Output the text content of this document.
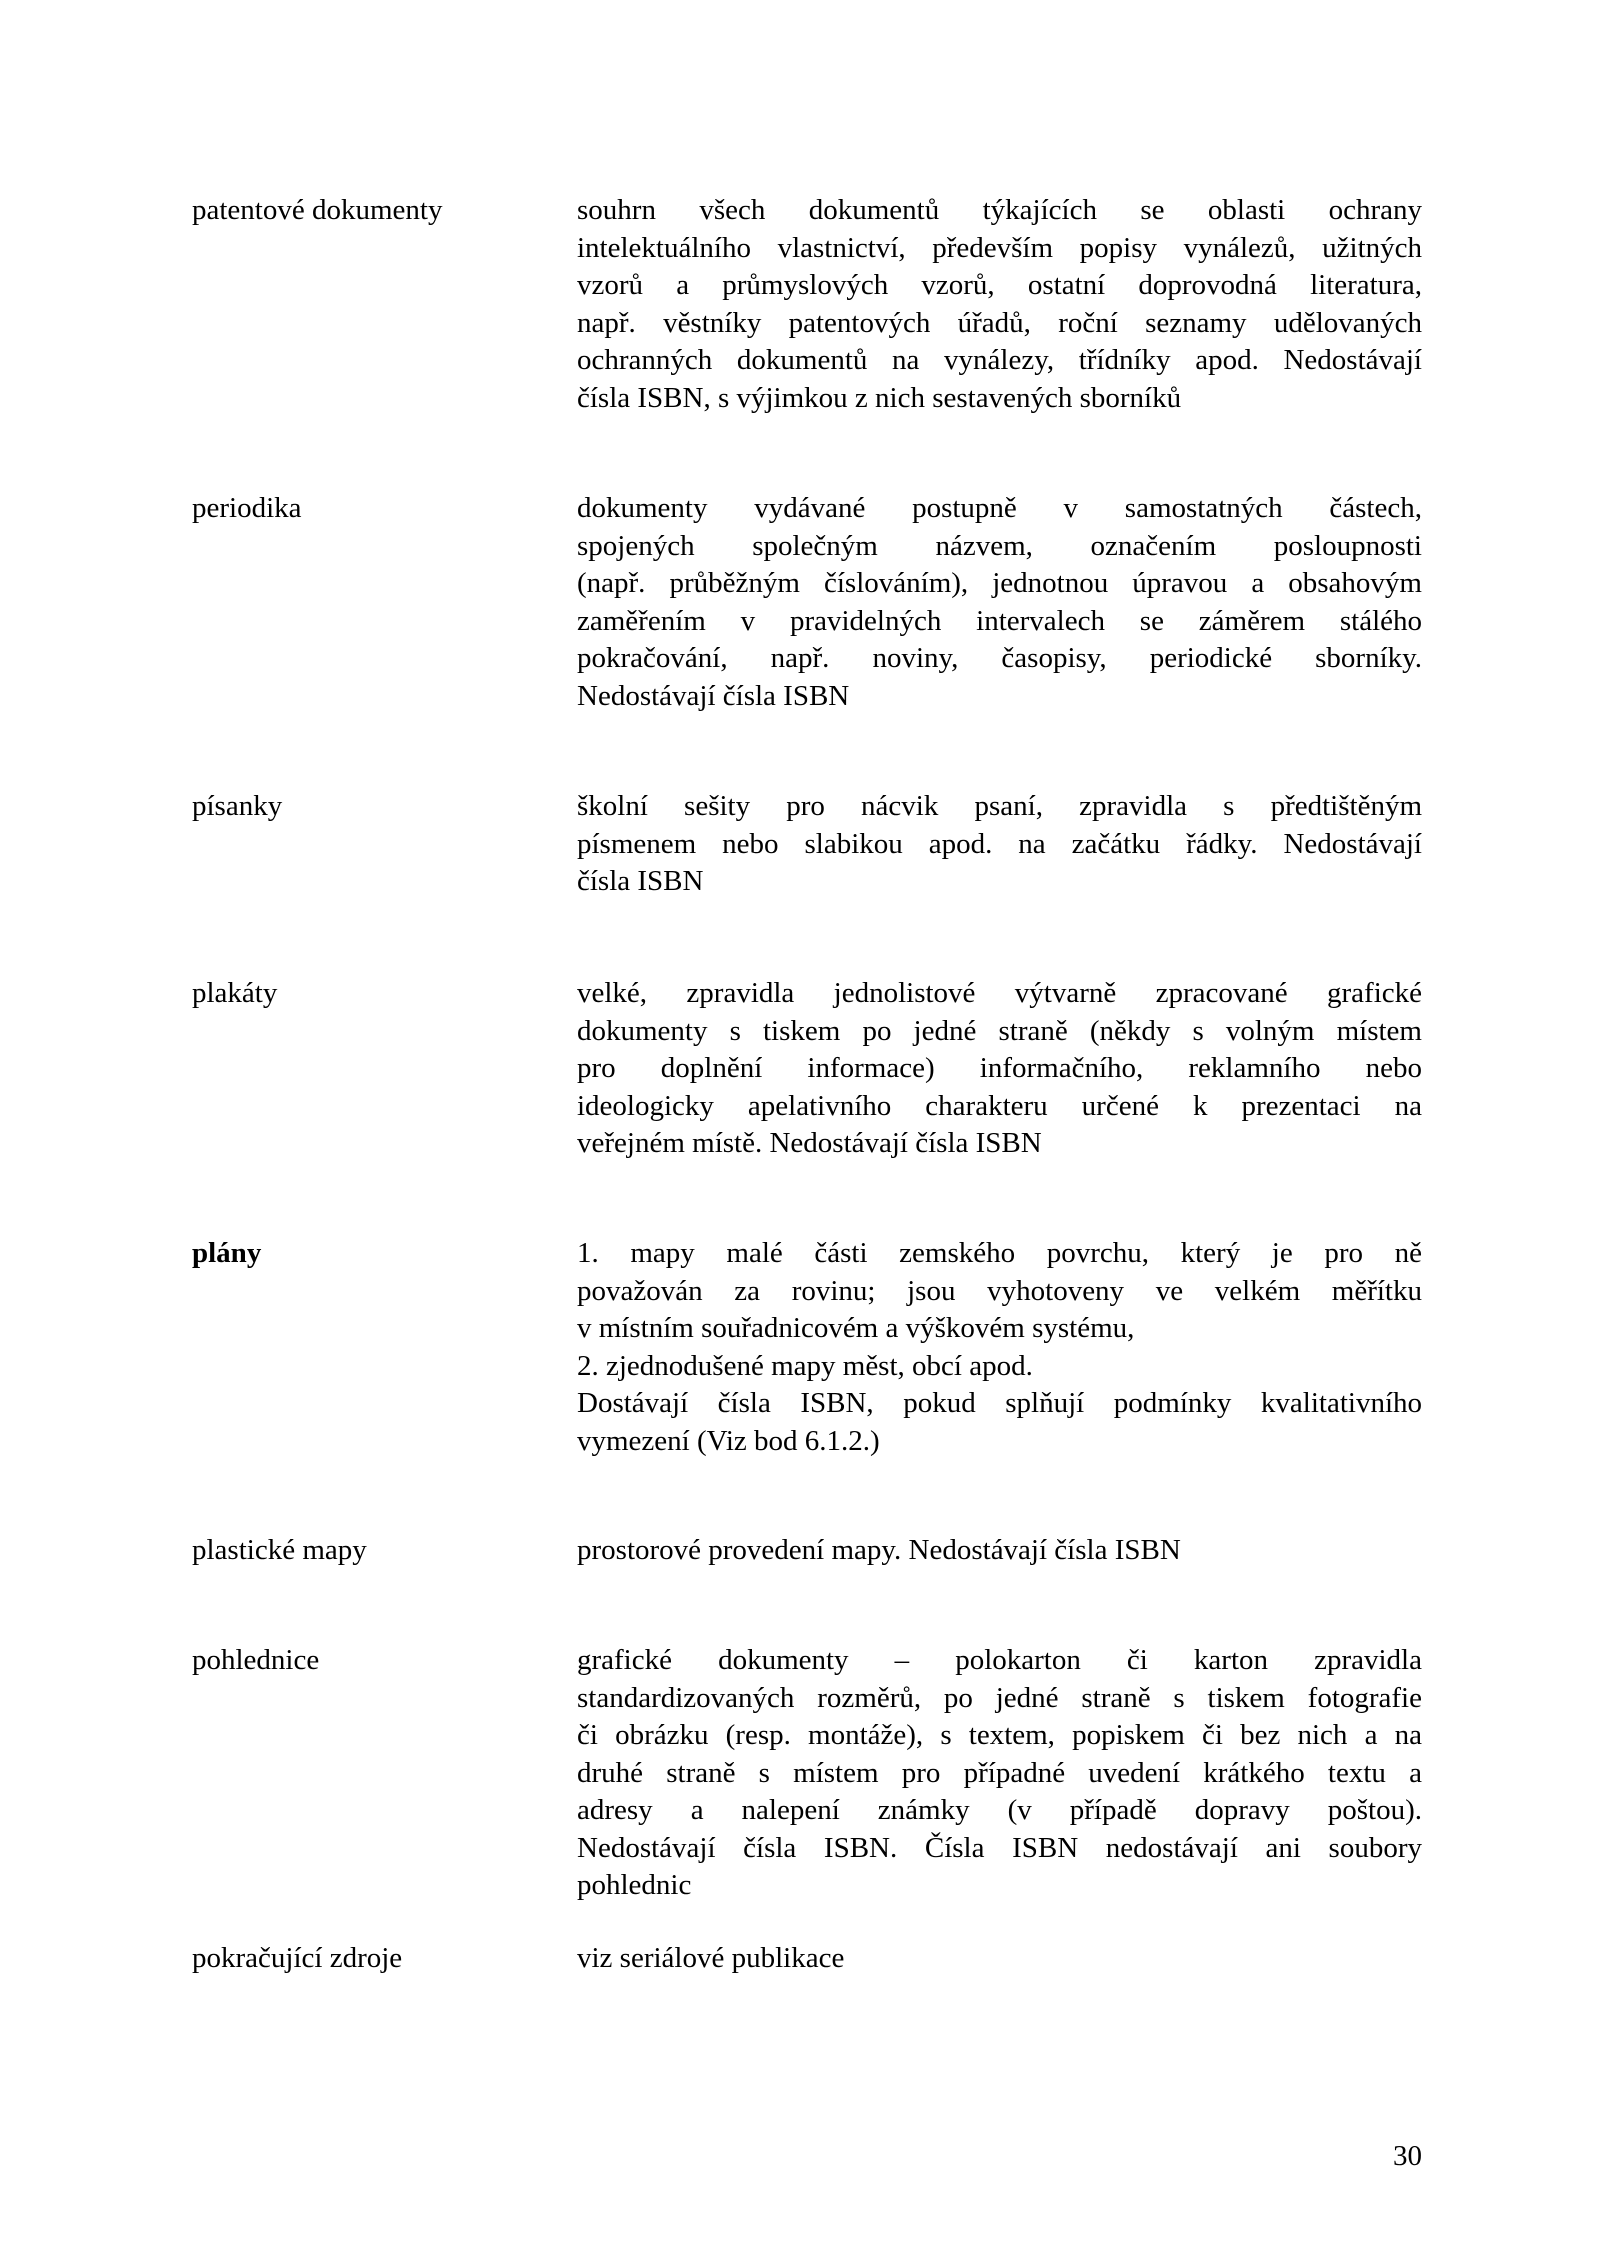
patentové dokumenty	souhrn všech dokumentů týkajících se oblasti ochrany
intelektuálního vlastnictví, především popisy vynálezů, užitných
vzorů a průmyslových vzorů, ostatní doprovodná literatura,
např. věstníky patentových úřadů, roční seznamy udělovaných
ochranných dokumentů na vynálezy, třídníky apod. Nedostávají
čísla ISBN, s výjimkou z nich sestavených sborníků
periodika	dokumenty vydávané postupně v samostatných částech,
spojených společným názvem, označením posloupnosti
(např. průběžným číslováním), jednotnou úpravou a obsahovým
zaměřením v pravidelných intervalech se záměrem stálého
pokračování, např. noviny, časopisy, periodické sborníky.
Nedostávají čísla ISBN
písanky	školní sešity pro nácvik psaní, zpravidla s předtištěným
písmenem nebo slabikou apod. na začátku řádky. Nedostávají
čísla ISBN
plakáty	velké, zpravidla jednolistové výtvarně zpracované grafické
dokumenty s tiskem po jedné straně (někdy s volným místem
pro doplnění informace) informačního, reklamního nebo
ideologicky apelativního charakteru určené k prezentaci na
veřejném místě. Nedostávají čísla ISBN
plány	1. mapy malé části zemského povrchu, který je pro ně
považován za rovinu; jsou vyhotoveny ve velkém měřítku
v místním souřadnicovém a výškovém systému,
2. zjednodušené mapy měst, obcí apod.
Dostávají čísla ISBN, pokud splňují podmínky kvalitativního
vymezení (Viz bod 6.1.2.)
plastické mapy	prostorové provedení mapy. Nedostávají čísla ISBN
pohlednice	grafické dokumenty – polokarton či karton zpravidla
standardizovaných rozměrů, po jedné straně s tiskem fotografie
či obrázku (resp. montáže), s textem, popiskem či bez nich a na
druhé straně s místem pro případné uvedení krátkého textu a
adresy a nalepení známky (v případě dopravy poštou).
Nedostávají čísla ISBN. Čísla ISBN nedostávají ani soubory
pohlednic
pokračující zdroje	viz seriálové publikace
30
